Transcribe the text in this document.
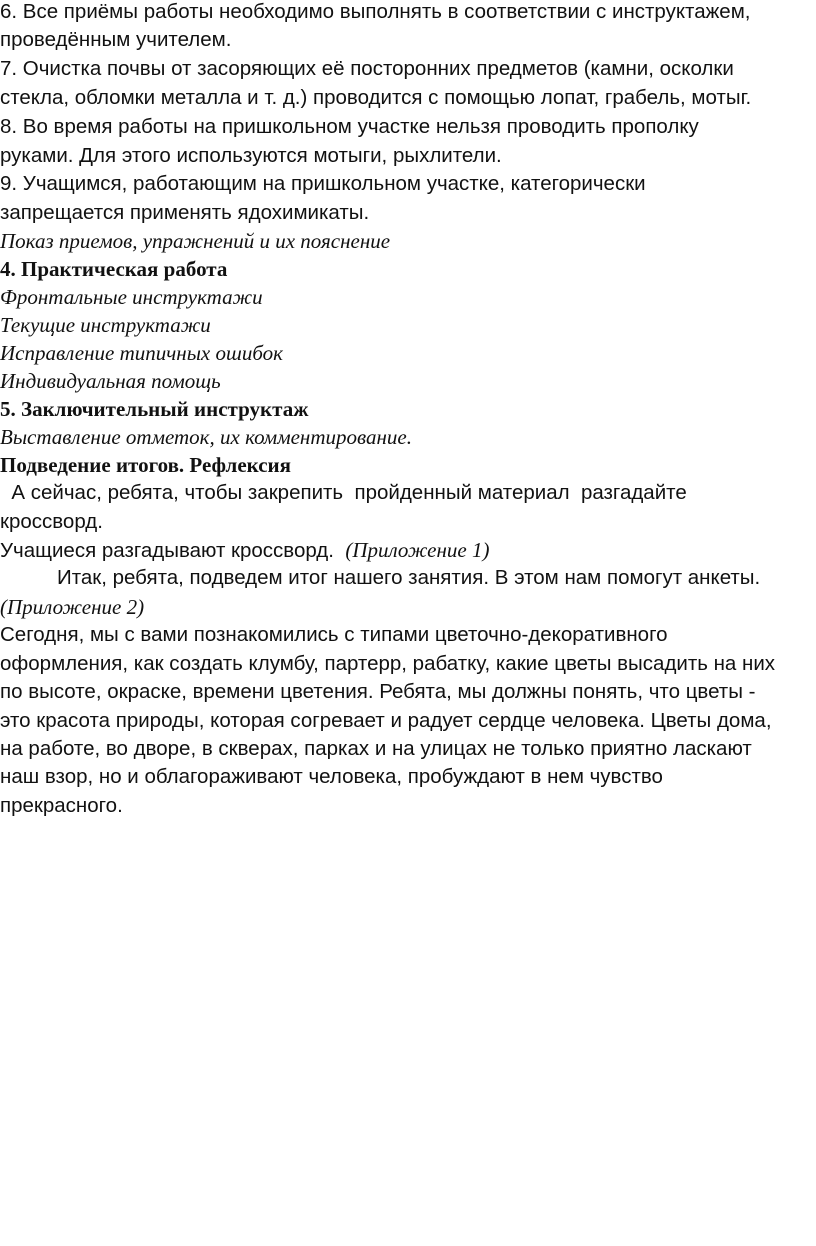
6. Все приёмы работы необходимо выполнять в соответствии с инструктажем,
проведённым учителем.
7. Очистка почвы от засоряющих её посторонних предметов (камни, осколки
стекла, обломки металла и т. д.) проводится с помощью лопат, грабель, мотыг.
8. Во время работы на пришкольном участке нельзя проводить прополку
руками. Для этого используются мотыги, рыхлители.
9. Учащимся, работающим на пришкольном участке, категорически
запрещается применять ядохимикаты.
Показ приемов, упражнений и их пояснение
4. Практическая работа
Фронтальные инструктажи
Текущие инструктажи
Исправление типичных ошибок
Индивидуальная помощь
5. Заключительный инструктаж
Выставление отметок, их комментирование.
Подведение итогов. Рефлексия
А сейчас, ребята, чтобы закрепить  пройденный материал  разгадайте
кроссворд.
Учащиеся разгадывают кроссворд.  (Приложение 1)
Итак, ребята, подведем итог нашего занятия. В этом нам помогут анкеты.
(Приложение 2)
Сегодня, мы с вами познакомились с типами цветочно-декоративного
оформления, как создать клумбу, партерр, рабатку, какие цветы высадить на них
по высоте, окраске, времени цветения. Ребята, мы должны понять, что цветы -
это красота природы, которая согревает и радует сердце человека. Цветы дома,
на работе, во дворе, в скверах, парках и на улицах не только приятно ласкают
наш взор, но и облагораживают человека, пробуждают в нем чувство
прекрасного.
